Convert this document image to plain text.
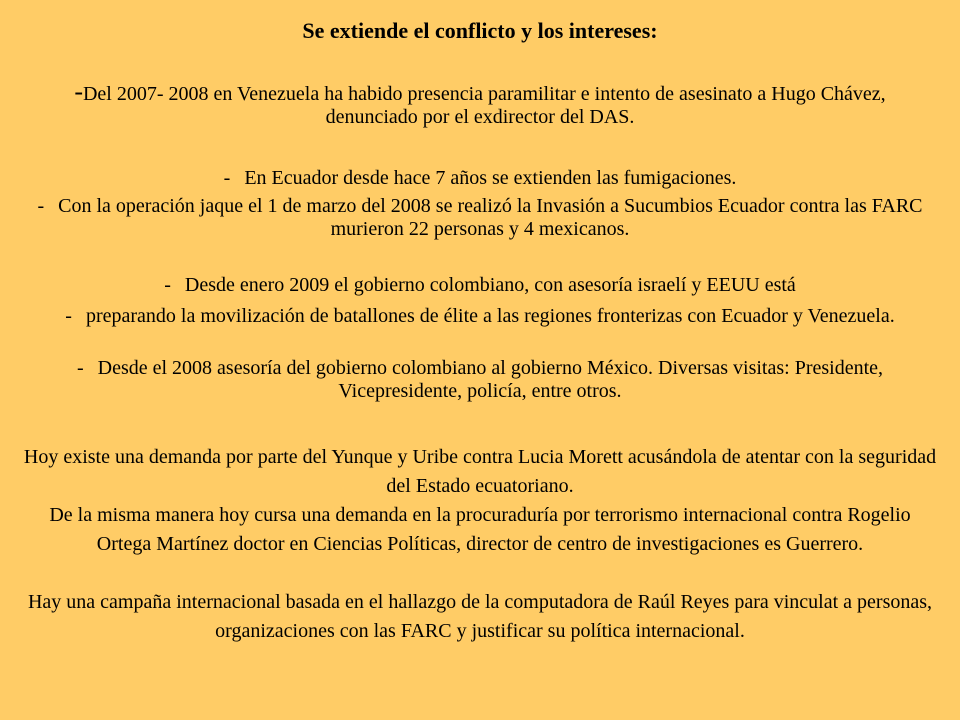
Se extiende el conflicto y los intereses:
-Del 2007- 2008 en Venezuela ha habido presencia paramilitar e intento de asesinato a Hugo Chávez, denunciado por el exdirector del DAS.
- En Ecuador desde hace 7 años se extienden las fumigaciones.
- Con la operación jaque el 1 de marzo del 2008 se realizó la Invasión a Sucumbios Ecuador contra las FARC murieron 22 personas y 4 mexicanos.
- Desde enero 2009 el gobierno colombiano, con asesoría israelí y EEUU está
- preparando la movilización de batallones de élite a las regiones fronterizas con Ecuador y Venezuela.
- Desde el 2008 asesoría del gobierno colombiano al gobierno México. Diversas visitas: Presidente, Vicepresidente, policía, entre otros.
Hoy existe una demanda por parte del Yunque y Uribe contra Lucia Morett acusándola de atentar con la seguridad del Estado ecuatoriano.
De la misma manera hoy cursa una demanda en la procuraduría por terrorismo internacional contra Rogelio Ortega Martínez doctor en Ciencias Políticas, director de centro de investigaciones es Guerrero.
Hay una campaña internacional basada en el hallazgo de la computadora de Raúl Reyes para vinculat a personas, organizaciones con las FARC y justificar su política internacional.
